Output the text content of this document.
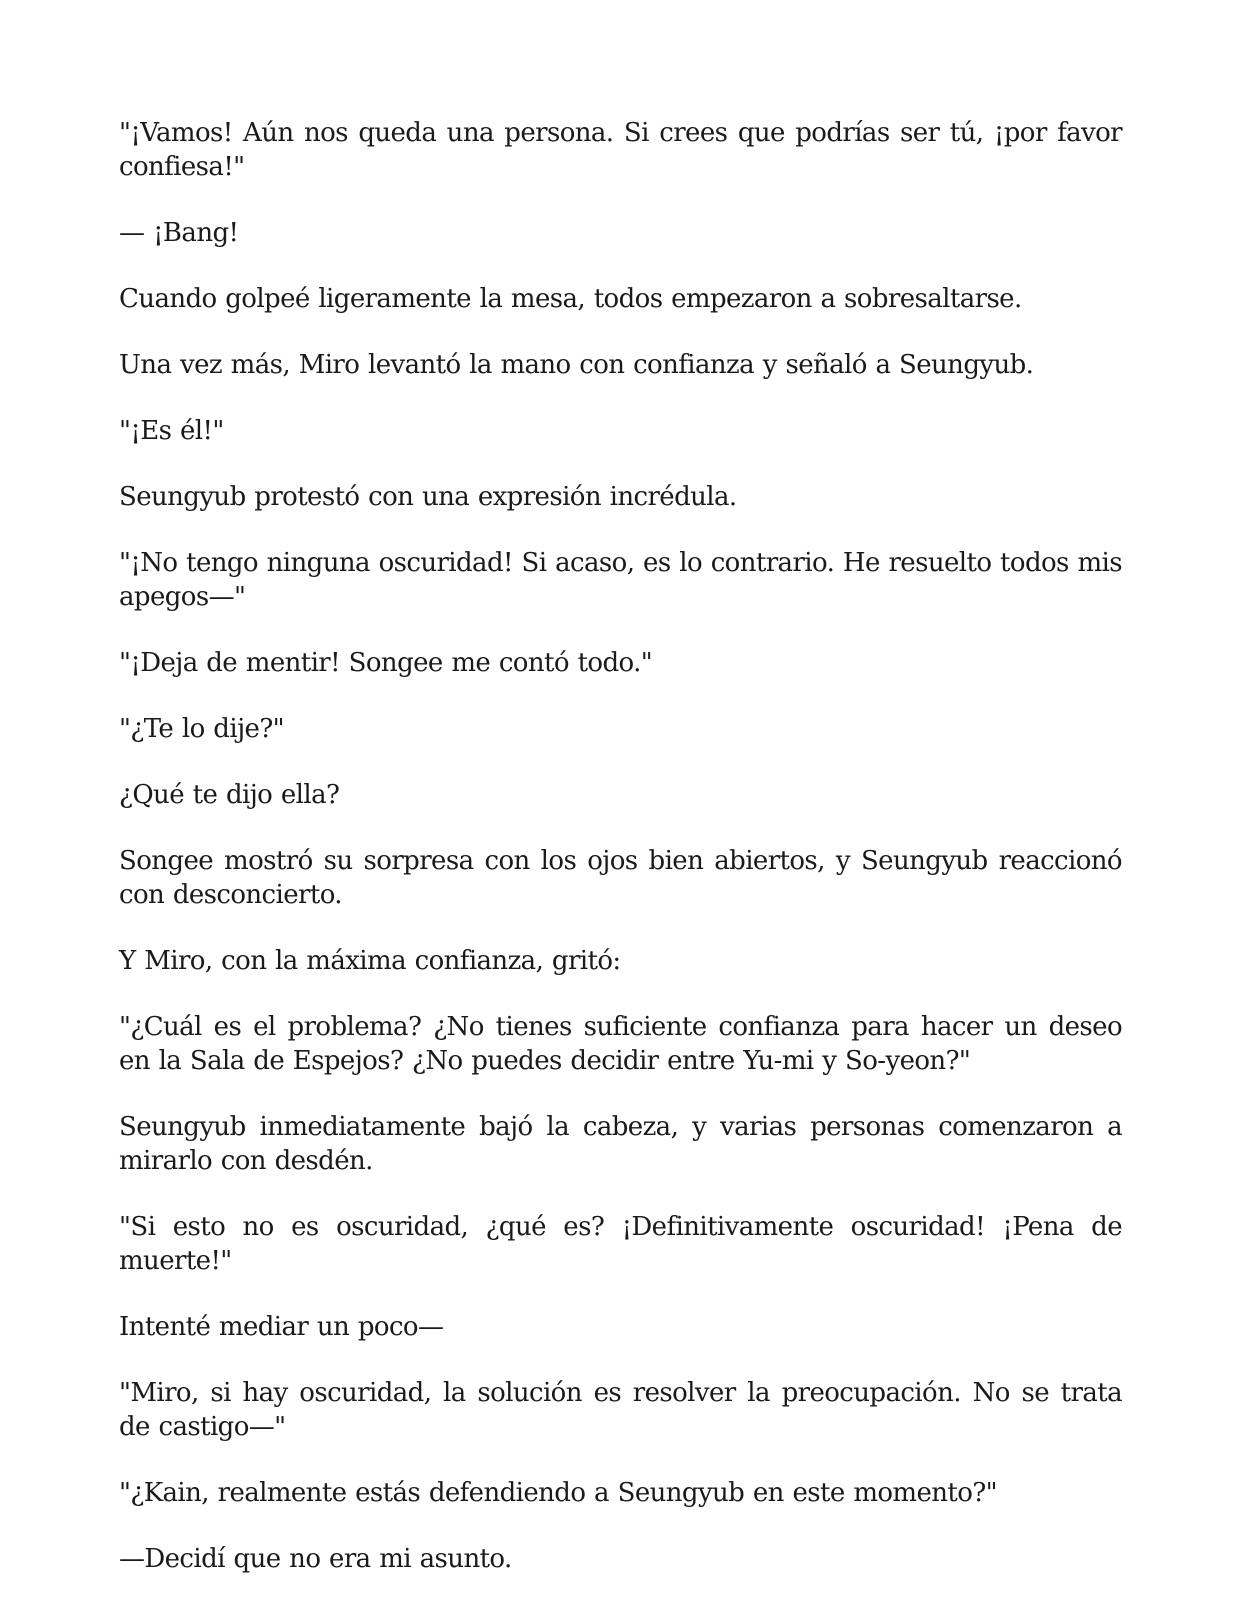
"¡Vamos! Aún nos queda una persona. Si crees que podrías ser tú, ¡por favor confiesa!"

— ¡Bang!

Cuando golpeé ligeramente la mesa, todos empezaron a sobresaltarse.

Una vez más, Miro levantó la mano con confianza y señaló a Seungyub.

"¡Es él!"

Seungyub protestó con una expresión incrédula.

"¡No tengo ninguna oscuridad! Si acaso, es lo contrario. He resuelto todos mis apegos—"

"¡Deja de mentir! Songee me contó todo."

"¿Te lo dije?"

¿Qué te dijo ella?

Songee mostró su sorpresa con los ojos bien abiertos, y Seungyub reaccionó con desconcierto.

Y Miro, con la máxima confianza, gritó:

"¿Cuál es el problema? ¿No tienes suficiente confianza para hacer un deseo en la Sala de Espejos? ¿No puedes decidir entre Yu-mi y So-yeon?"

Seungyub inmediatamente bajó la cabeza, y varias personas comenzaron a mirarlo con desdén.

"Si esto no es oscuridad, ¿qué es? ¡Definitivamente oscuridad! ¡Pena de muerte!"

Intenté mediar un poco—

"Miro, si hay oscuridad, la solución es resolver la preocupación. No se trata de castigo—"

"¿Kain, realmente estás defendiendo a Seungyub en este momento?"

—Decidí que no era mi asunto.
